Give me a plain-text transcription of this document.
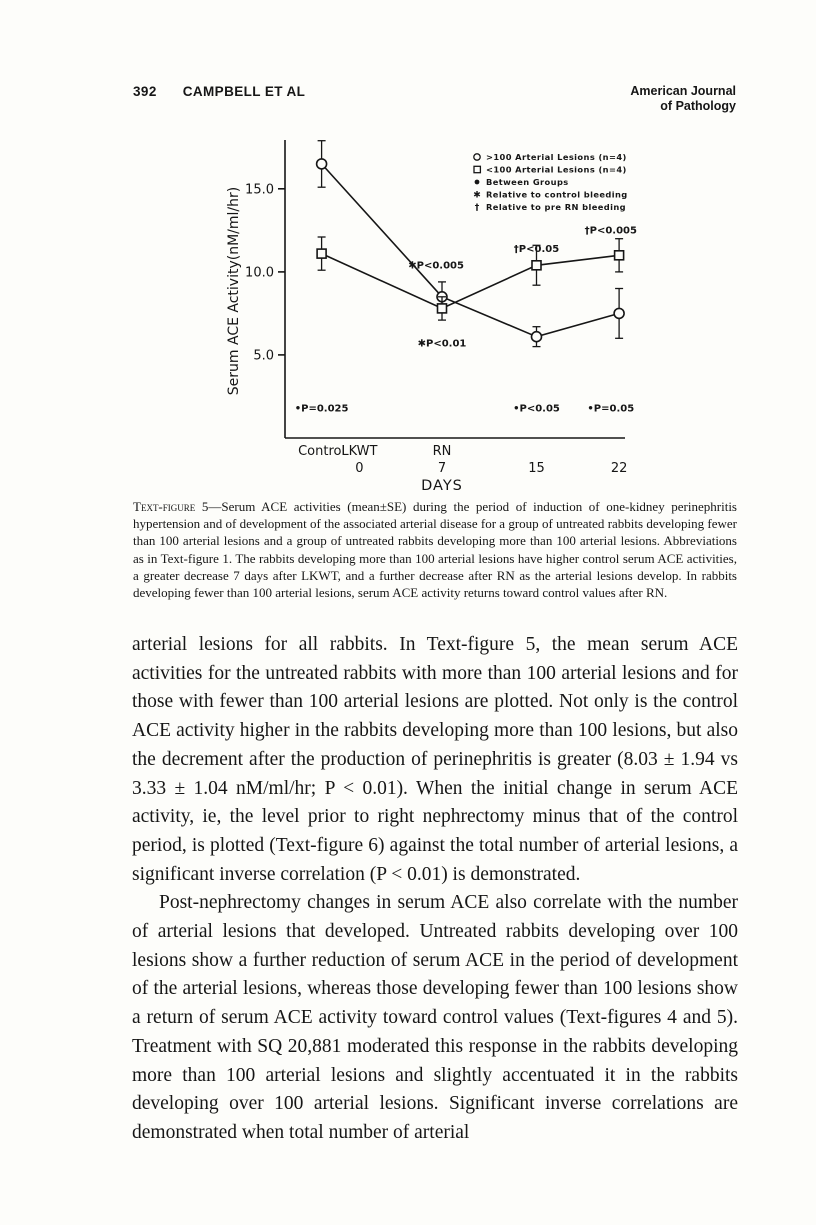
392 CAMPBELL ET AL	American Journal
of Pathology
5.0
10.0
15.0
Control
LKWT	RN
0	7	15	22
DAYS
Serum ACE Activity(nM/ml/hr)
>100 Arterial Lesions (n=4)
<100 Arterial Lesions (n=4)
Between Groups
✱ Relative to control bleeding
† Relative to pre RN bleeding
✱P<0.005
✱P<0.01
†P<0.05
†P<0.005
•P=0.025	•P<0.05	•P=0.05
Text-figure 5—Serum ACE activities (mean±SE) during the period of induction of one-kidney perinephritis hypertension and of development of the associated arterial disease for a group of untreated rabbits developing fewer than 100 arterial lesions and a group of untreated rabbits developing more than 100 arterial lesions. Abbreviations as in Text-figure 1. The rabbits developing more than 100 arterial lesions have higher control serum ACE activities, a greater decrease 7 days after LKWT, and a further decrease after RN as the arterial lesions develop. In rabbits developing fewer than 100 arterial lesions, serum ACE activity returns toward control values after RN.

arterial lesions for all rabbits. In Text-figure 5, the mean serum ACE activities for the untreated rabbits with more than 100 arterial lesions and for those with fewer than 100 arterial lesions are plotted. Not only is the control ACE activity higher in the rabbits developing more than 100 lesions, but also the decrement after the production of perinephritis is greater (8.03 ± 1.94 vs 3.33 ± 1.04 nM/ml/hr; P < 0.01). When the initial change in serum ACE activity, ie, the level prior to right nephrectomy minus that of the control period, is plotted (Text-figure 6) against the total number of arterial lesions, a significant inverse correlation (P < 0.01) is demonstrated.

Post-nephrectomy changes in serum ACE also correlate with the number of arterial lesions that developed. Untreated rabbits developing over 100 lesions show a further reduction of serum ACE in the period of development of the arterial lesions, whereas those developing fewer than 100 lesions show a return of serum ACE activity toward control values (Text-figures 4 and 5). Treatment with SQ 20,881 moderated this response in the rabbits developing more than 100 arterial lesions and slightly accentuated it in the rabbits developing over 100 arterial lesions. Significant inverse correlations are demonstrated when total number of arterial
